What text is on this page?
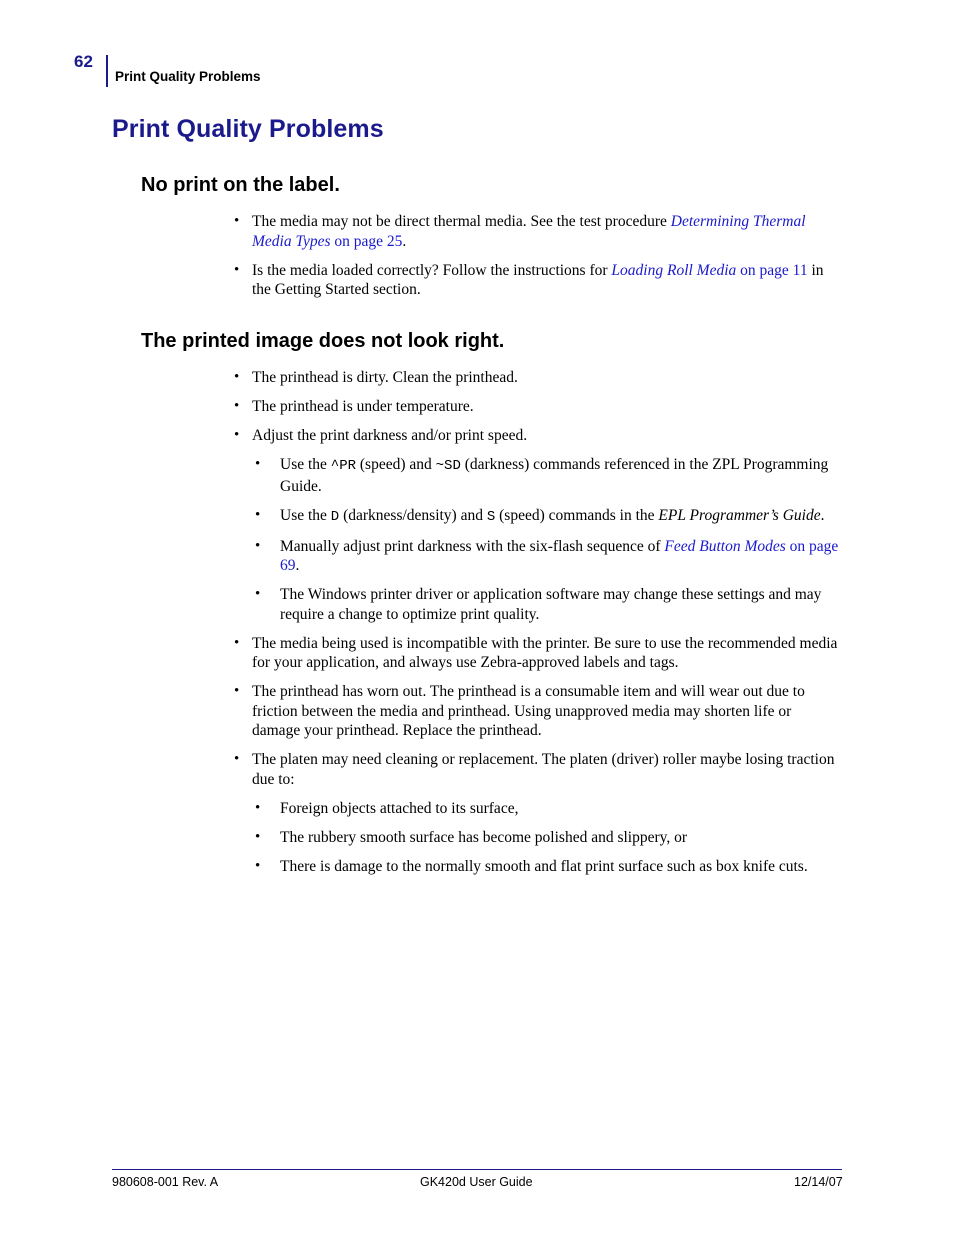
62
Print Quality Problems
Print Quality Problems
No print on the label.
• The media may not be direct thermal media. See the test procedure Determining Thermal Media Types on page 25.
• Is the media loaded correctly? Follow the instructions for Loading Roll Media on page 11 in the Getting Started section.
The printed image does not look right.
• The printhead is dirty. Clean the printhead.
• The printhead is under temperature.
• Adjust the print darkness and/or print speed.
• Use the ^PR (speed) and ~SD (darkness) commands referenced in the ZPL Programming Guide.
• Use the D (darkness/density) and S (speed) commands in the EPL Programmer’s Guide.
• Manually adjust print darkness with the six-flash sequence of Feed Button Modes on page 69.
• The Windows printer driver or application software may change these settings and may require a change to optimize print quality.
• The media being used is incompatible with the printer. Be sure to use the recommended media for your application, and always use Zebra-approved labels and tags.
• The printhead has worn out. The printhead is a consumable item and will wear out due to friction between the media and printhead. Using unapproved media may shorten life or damage your printhead. Replace the printhead.
• The platen may need cleaning or replacement. The platen (driver) roller maybe losing traction due to:
• Foreign objects attached to its surface,
• The rubbery smooth surface has become polished and slippery, or
• There is damage to the normally smooth and flat print surface such as box knife cuts.
980608-001 Rev. A	GK420d User Guide	12/14/07
